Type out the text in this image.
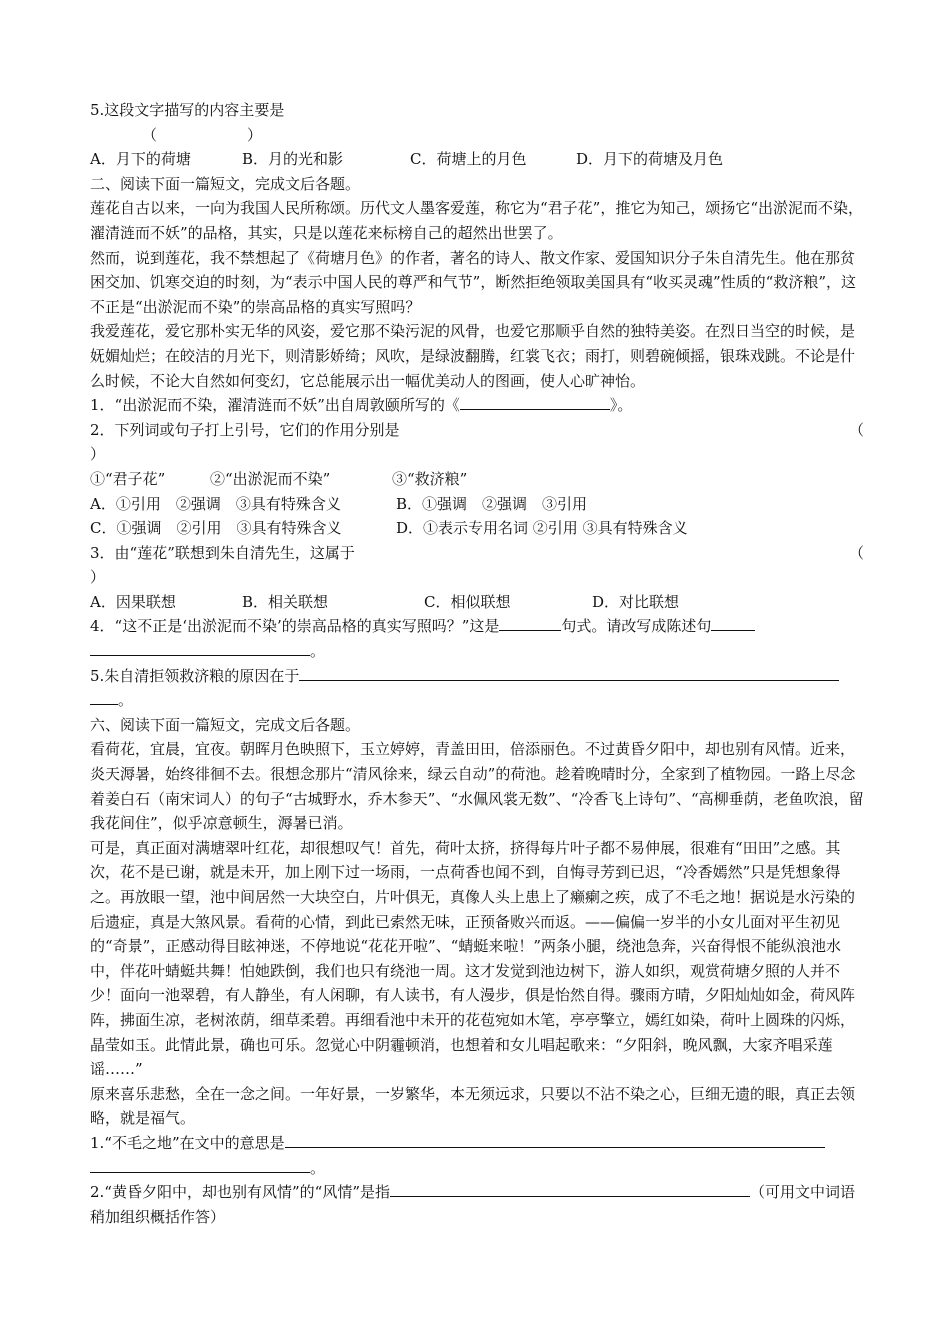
5.这段文字描写的内容主要是
（　　　　　　）
A．月下的荷塘	B．月的光和影	C．荷塘上的月色	D．月下的荷塘及月色
二、阅读下面一篇短文，完成文后各题。
莲花自古以来，一向为我国人民所称颂。历代文人墨客爱莲，称它为“君子花”，推它为知己，颂扬它“出淤泥而不染，濯清涟而不妖”的品格，其实，只是以莲花来标榜自己的超然出世罢了。
然而，说到莲花，我不禁想起了《荷塘月色》的作者，著名的诗人、散文作家、爱国知识分子朱自清先生。他在那贫困交加、饥寒交迫的时刻，为“表示中国人民的尊严和气节”，断然拒绝领取美国具有“收买灵魂”性质的“救济粮”，这不正是“出淤泥而不染”的崇高品格的真实写照吗？
我爱莲花，爱它那朴实无华的风姿，爱它那不染污泥的风骨，也爱它那顺乎自然的独特美姿。在烈日当空的时候，是妩媚灿烂；在皎洁的月光下，则清影娇绮；风吹，是绿波翻腾，红裳飞衣；雨打，则碧碗倾摇，银珠戏跳。不论是什么时候，不论大自然如何变幻，它总能展示出一幅优美动人的图画，使人心旷神怡。
1．“出淤泥而不染，濯清涟而不妖”出自周敦颐所写的《	》。
2．下列词或句子打上引号，它们的作用分别是	（
）
①“君子花”	②“出淤泥而不染”	③“救济粮”
A．①引用　②强调　③具有特殊含义	B．①强调　②强调　③引用
C．①强调　②引用　③具有特殊含义	D．①表示专用名词 ②引用 ③具有特殊含义
3．由“莲花”联想到朱自清先生，这属于	（
）
A．因果联想	B．相关联想	C．相似联想	D．对比联想
4．“这不正是‘出淤泥而不染’的崇高品格的真实写照吗？”这是	句式。请改写成陈述句
。
5.朱自清拒领救济粮的原因在于
。
六、阅读下面一篇短文，完成文后各题。
看荷花，宜晨，宜夜。朝晖月色映照下，玉立婷婷，青盖田田，倍添丽色。不过黄昏夕阳中，却也别有风情。近来，炎天溽暑，始终徘徊不去。很想念那片“清风徐来，绿云自动”的荷池。趁着晚晴时分，全家到了植物园。一路上尽念着姜白石（南宋词人）的句子“古城野水，乔木参天”、“水佩风裳无数”、“冷香飞上诗句”、“高柳垂荫，老鱼吹浪，留我花间住”，似乎凉意顿生，溽暑已消。
可是，真正面对满塘翠叶红花，却很想叹气！首先，荷叶太挤，挤得每片叶子都不易伸展，很难有“田田”之感。其次，花不是已谢，就是未开，加上刚下过一场雨，一点荷香也闻不到，自悔寻芳到已迟，“冷香嫣然”只是凭想象得之。再放眼一望，池中间居然一大块空白，片叶俱无，真像人头上患上了癞瘌之疾，成了不毛之地！据说是水污染的后遗症，真是大煞风景。看荷的心情，到此已索然无味，正预备败兴而返。——偏偏一岁半的小女儿面对平生初见的“奇景”，正感动得目眩神迷，不停地说“花花开啦”、“蜻蜓来啦！”两条小腿，绕池急奔，兴奋得恨不能纵浪池水中，伴花叶蜻蜓共舞！怕她跌倒，我们也只有绕池一周。这才发觉到池边树下，游人如织，观赏荷塘夕照的人并不少！面向一池翠碧，有人静坐，有人闲聊，有人读书，有人漫步，俱是怡然自得。骤雨方晴，夕阳灿灿如金，荷风阵阵，拂面生凉，老树浓荫，细草柔碧。再细看池中未开的花苞宛如木笔，亭亭擎立，嫣红如染，荷叶上圆珠的闪烁，晶莹如玉。此情此景，确也可乐。忽觉心中阴霾顿消，也想着和女儿唱起歌来：“夕阳斜，晚风飘，大家齐唱采莲谣……”
原来喜乐悲愁，全在一念之间。一年好景，一岁繁华，本无须远求，只要以不沾不染之心，巨细无遗的眼，真正去领略，就是福气。
1.“不毛之地”在文中的意思是
。
2.“黄昏夕阳中，却也别有风情”的“风情”是指	（可用文中词语稍加组织概括作答）
